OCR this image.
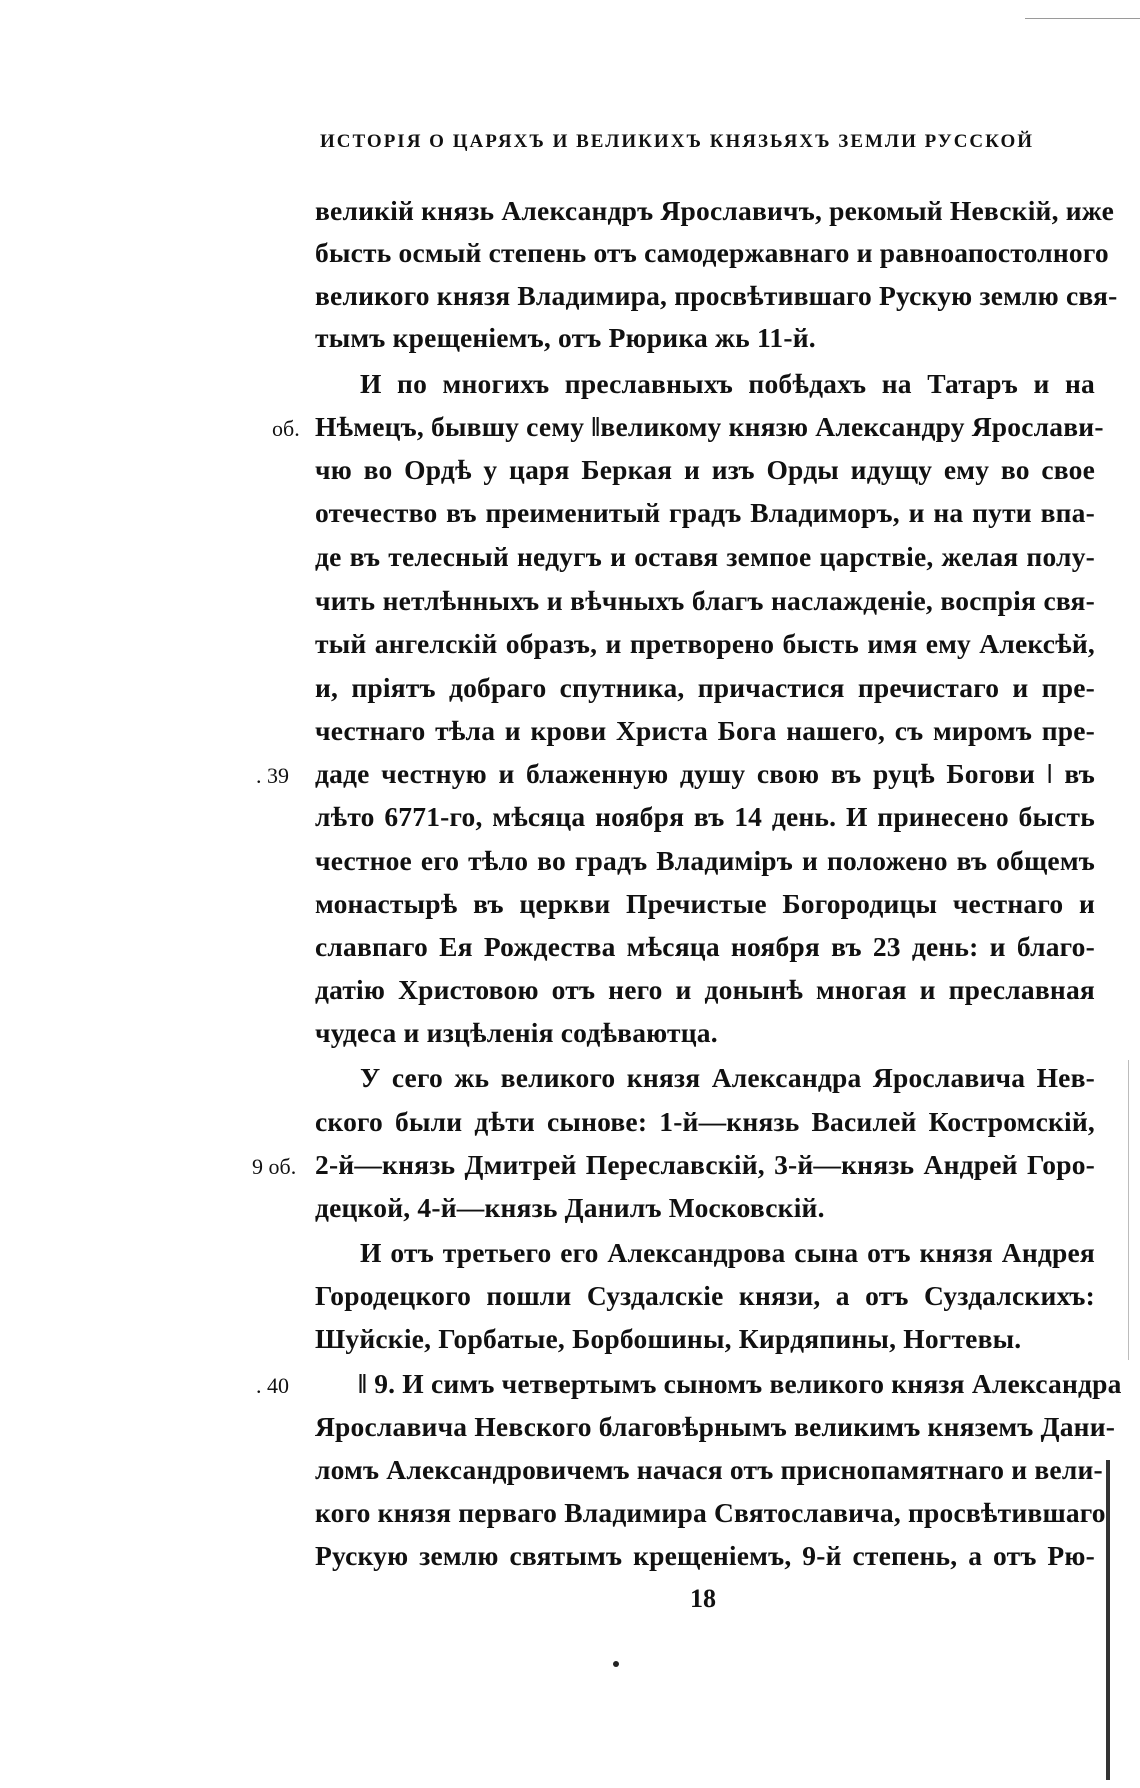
ИСТОРІЯ О ЦАРЯХЪ И ВЕЛИКИХЪ КНЯЗЬЯХЪ ЗЕМЛИ РУССКОЙ
великій князь Александръ Ярославичъ, рекомый Невскій, иже
бысть осмый степень отъ самодержавнаго и равноапостолного
великого князя Владимира, просвѣтившаго Рускую землю свя-
тымъ крещеніемъ, отъ Рюрика жь 11-й.
И по многихъ преславныхъ побѣдахъ на Татаръ и на
об. Нѣмецъ, бывшу сему ǁвеликому князю Александру Ярослави-
чю во Ордѣ у царя Беркая и изъ Орды идущу ему во свое
отечество въ преименитый градъ Владиморъ, и на пути впа-
де въ телесный недугъ и оставя земпое царствіе, желая полу-
чить нетлѣнныхъ и вѣчныхъ благъ наслажденіе, воспрія свя-
тый ангелскій образъ, и претворено бысть имя ему Алексѣй,
и, пріятъ добраго спутника, причастися пречистаго и пре-
честнаго тѣла и крови Христа Бога нашего, съ миромъ пре-
. 39 даде честную и блаженную душу свою въ руцѣ Богови ǀ въ
лѣто 6771-го, мѣсяца ноября въ 14 день. И принесено бысть
честное его тѣло во градъ Владиміръ и положено въ общемъ
монастырѣ въ церкви Пречистые Богородицы честнаго и
славпаго Ея Рождества мѣсяца ноября въ 23 день: и благо-
датію Христовою отъ него и донынѣ многая и преславная
чудеса и изцѣленія содѣваютца.
У сего жь великого князя Александра Ярославича Нев-
ского были дѣти сынове: 1-й—князь Василей Костромскій,
9 об. 2-й—князь Дмитрей Переславскій, 3-й—князь Андрей Горо-
децкой, 4-й—князь Данилъ Московскій.
И отъ третьего его Александрова сына отъ князя Андрея
Городецкого пошли Суздалскіе князи, а отъ Суздалскихъ:
Шуйскіе, Горбатые, Борбошины, Кирдяпины, Ногтевы.
. 40	ǁ 9. И симъ четвертымъ сыномъ великого князя Александра
Ярославича Невского благовѣрнымъ великимъ княземъ Дани-
ломъ Александровичемъ начася отъ приснопамятнаго и вели-
кого князя перваго Владимира Святославича, просвѣтившаго
Рускую землю святымъ крещеніемъ, 9-й степень, а отъ Рю-
18
